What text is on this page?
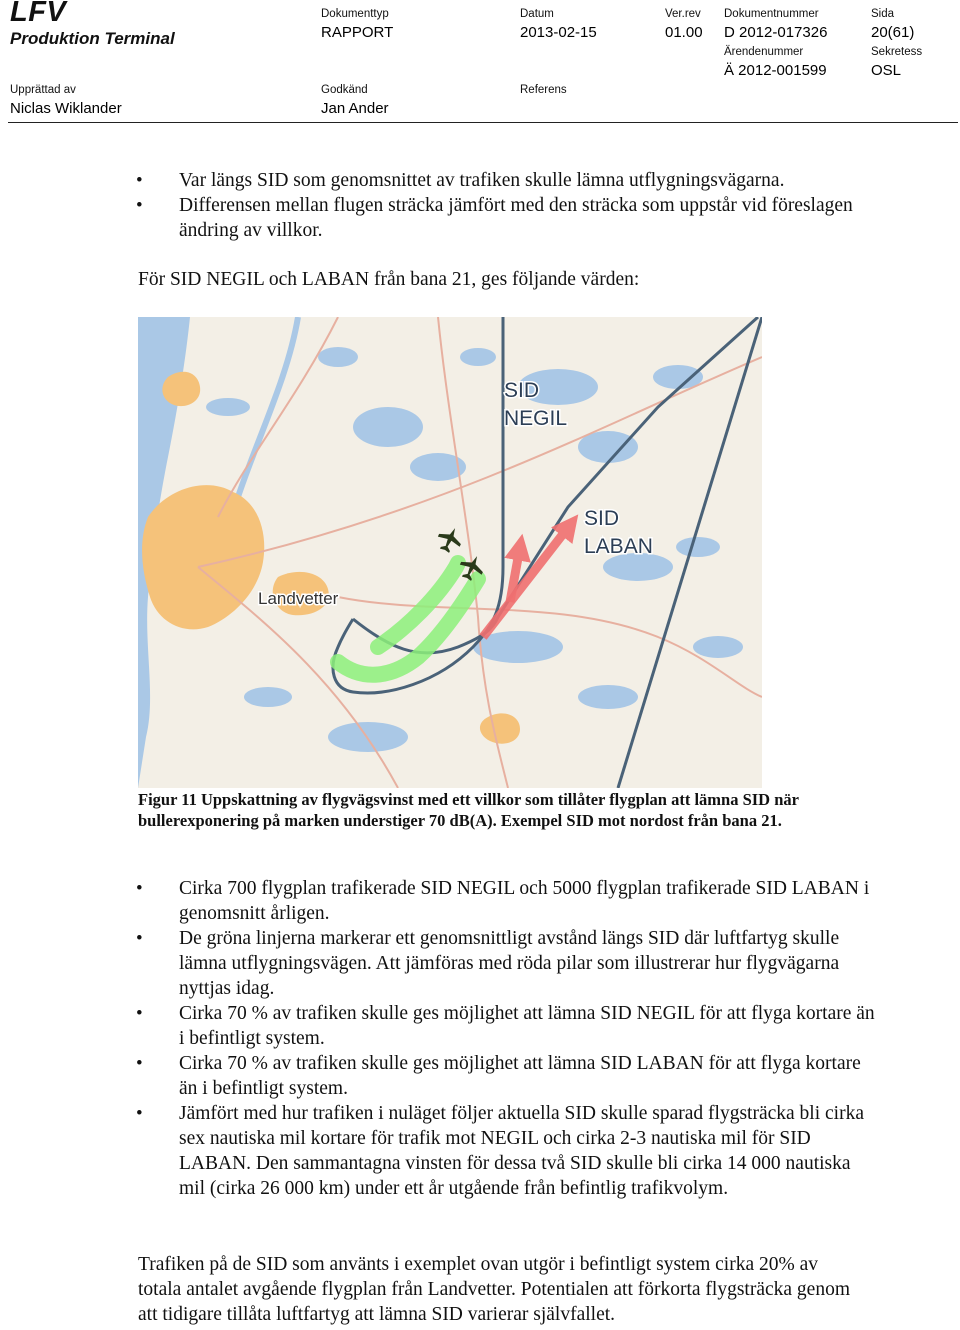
LFV
Produktion Terminal
Dokumenttyp
RAPPORT
Datum
2013-02-15
Ver.rev
01.00
Dokumentnummer
D 2012-017326
Sida
20(61)
Ärendenummer
Ä 2012-001599
Sekretess
OSL
Upprättad av
Niclas Wiklander
Godkänd
Jan Ander
Referens
• Var längs SID som genomsnittet av trafiken skulle lämna utflygningsvägarna.
• Differensen mellan flugen sträcka jämfört med den sträcka som uppstår vid föreslagen ändring av villkor.

För SID NEGIL och LABAN från bana 21, ges följande värden:

SID
NEGIL
SID
LABAN
Landvetter

Figur 11 Uppskattning av flygvägsvinst med ett villkor som tillåter flygplan att lämna SID när bullerexponering på marken understiger 70 dB(A). Exempel SID mot nordost från bana 21.

• Cirka 700 flygplan trafikerade SID NEGIL och 5000 flygplan trafikerade SID LABAN i genomsnitt årligen.
• De gröna linjerna markerar ett genomsnittligt avstånd längs SID där luftfartyg skulle lämna utflygningsvägen. Att jämföras med röda pilar som illustrerar hur flygvägarna nyttjas idag.
• Cirka 70 % av trafiken skulle ges möjlighet att lämna SID NEGIL för att flyga kortare än i befintligt system.
• Cirka 70 % av trafiken skulle ges möjlighet att lämna SID LABAN för att flyga kortare än i befintligt system.
• Jämfört med hur trafiken i nuläget följer aktuella SID skulle sparad flygsträcka bli cirka sex nautiska mil kortare för trafik mot NEGIL och cirka 2-3 nautiska mil för SID LABAN. Den sammantagna vinsten för dessa två SID skulle bli cirka 14 000 nautiska mil (cirka 26 000 km) under ett år utgående från befintlig trafikvolym.

Trafiken på de SID som använts i exemplet ovan utgör i befintligt system cirka 20% av totala antalet avgående flygplan från Landvetter. Potentialen att förkorta flygsträcka genom att tidigare tillåta luftfartyg att lämna SID varierar självfallet.
